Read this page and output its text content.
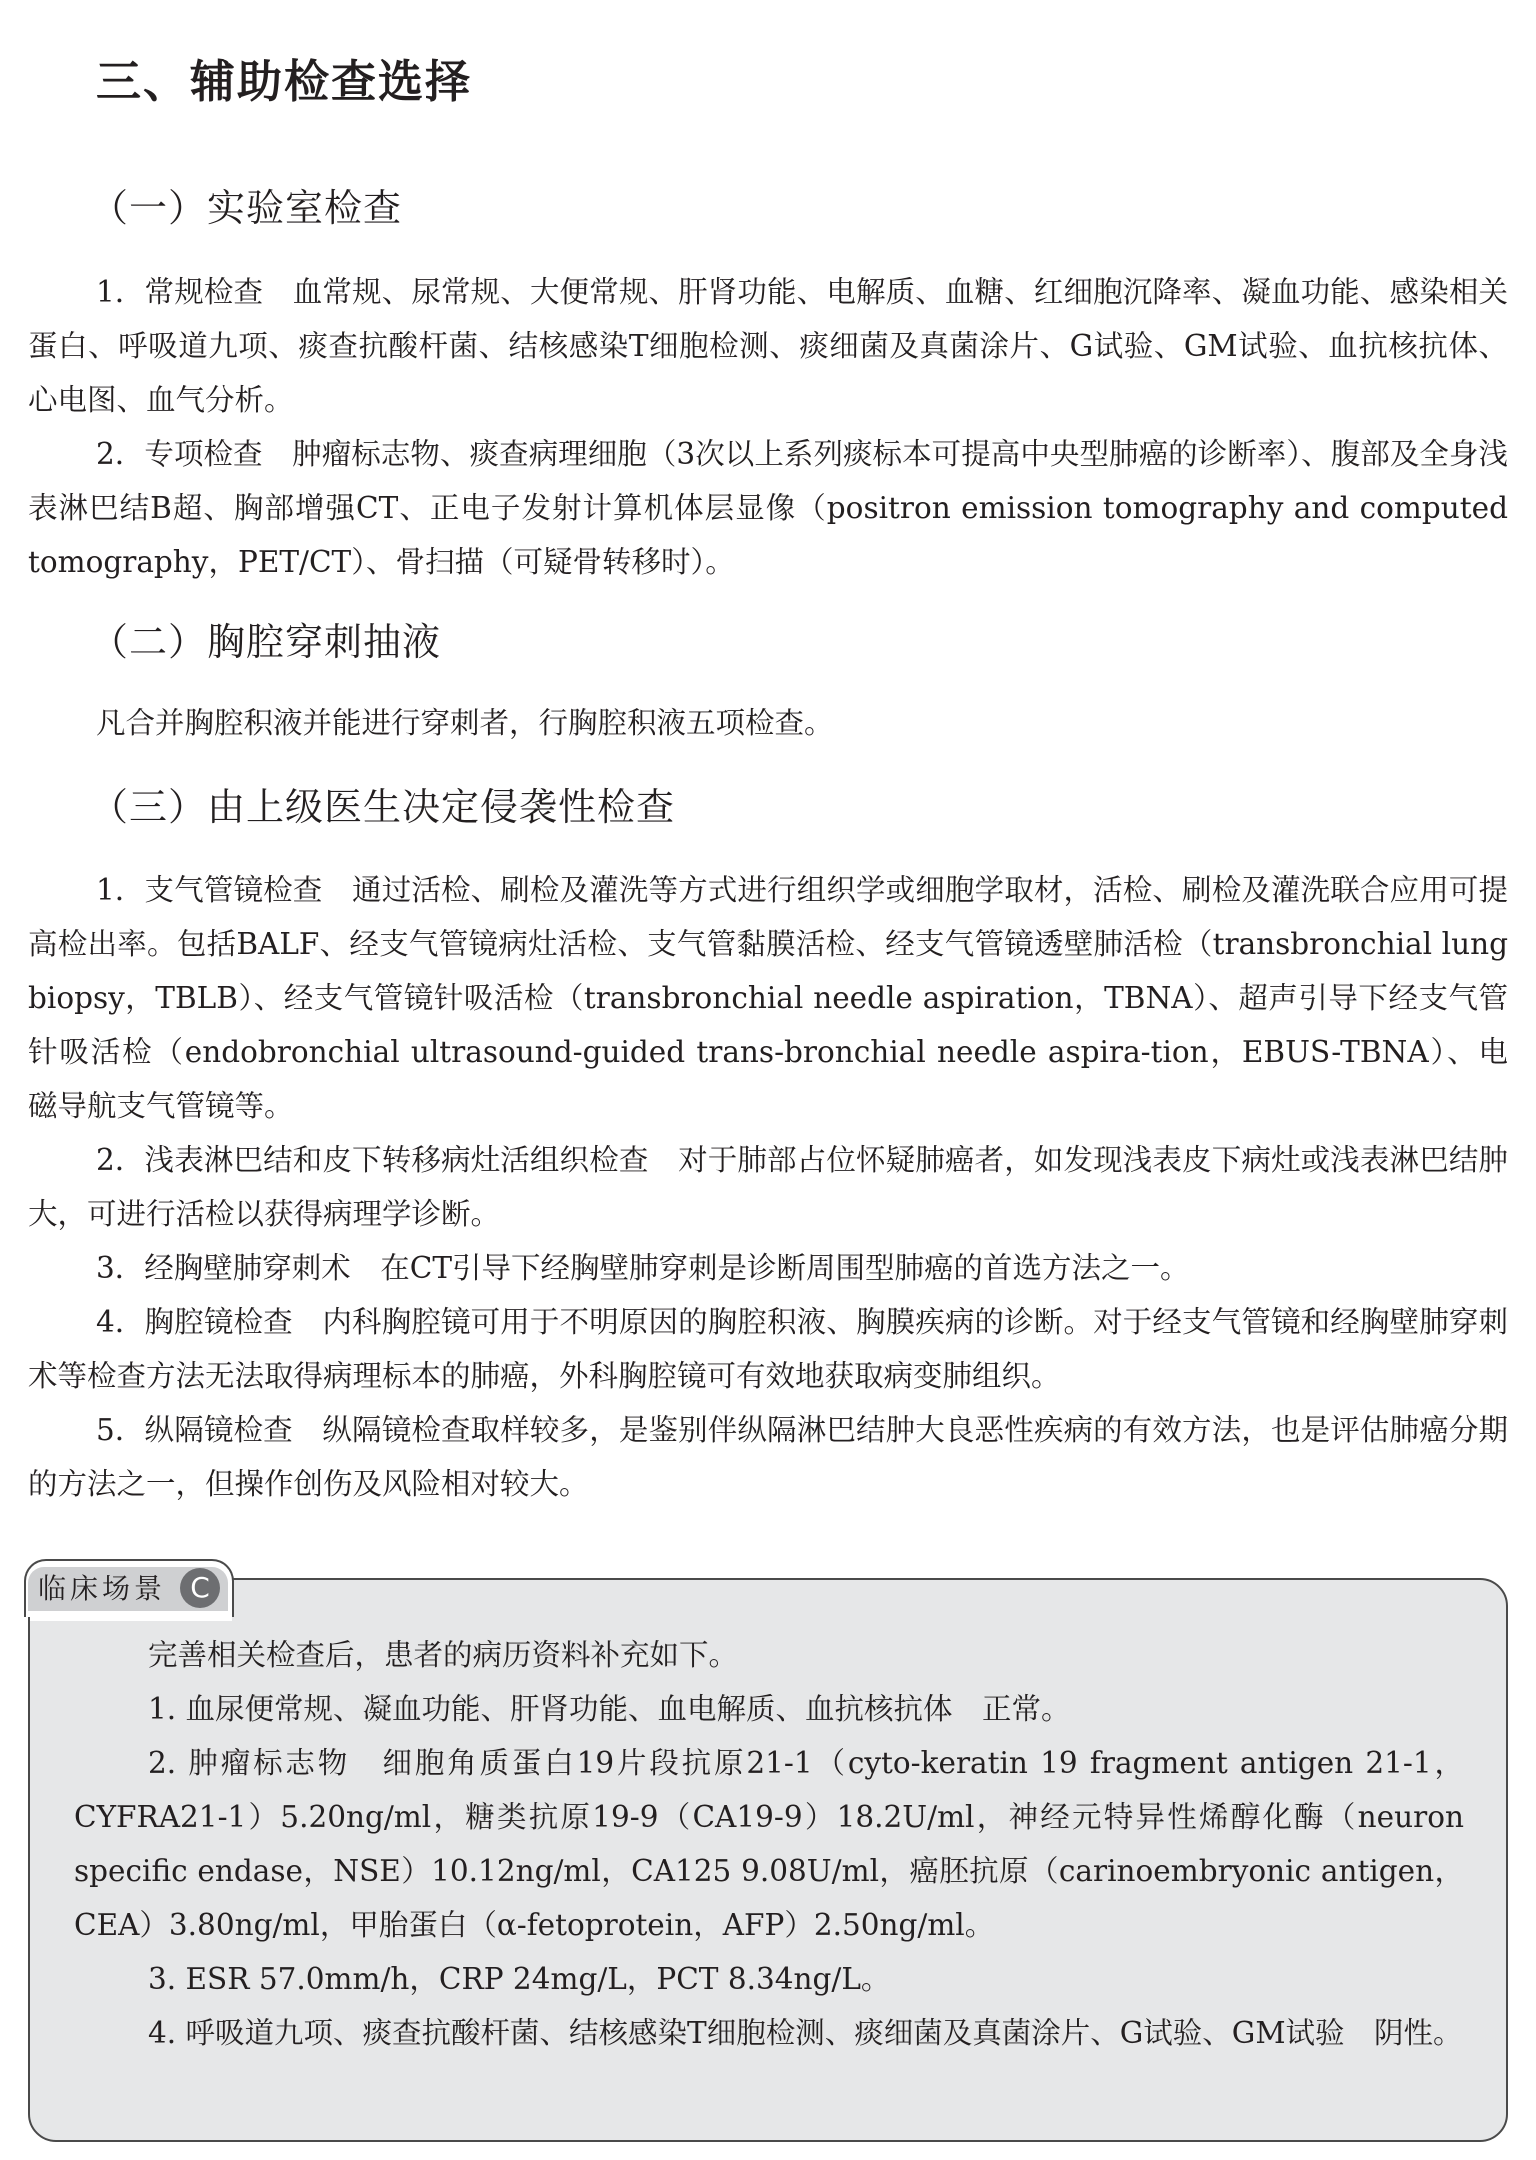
三、辅助检查选择
（一）实验室检查

1．常规检查　血常规、尿常规、大便常规、肝肾功能、电解质、血糖、红细胞沉降率、凝血功能、感染相关蛋白、呼吸道九项、痰查抗酸杆菌、结核感染T细胞检测、痰细菌及真菌涂片、G试验、GM试验、血抗核抗体、心电图、血气分析。

2．专项检查　肿瘤标志物、痰查病理细胞（3次以上系列痰标本可提高中央型肺癌的诊断率）、腹部及全身浅表淋巴结B超、胸部增强CT、正电子发射计算机体层显像（positron emission tomography and computed tomography，PET/CT）、骨扫描（可疑骨转移时）。

（二）胸腔穿刺抽液

凡合并胸腔积液并能进行穿刺者，行胸腔积液五项检查。

（三）由上级医生决定侵袭性检查

1．支气管镜检查　通过活检、刷检及灌洗等方式进行组织学或细胞学取材，活检、刷检及灌洗联合应用可提高检出率。包括BALF、经支气管镜病灶活检、支气管黏膜活检、经支气管镜透壁肺活检（transbronchial lung biopsy，TBLB）、经支气管镜针吸活检（transbronchial needle aspiration，TBNA）、超声引导下经支气管针吸活检（endobronchial ultrasound-guided trans-bronchial needle aspira-tion，EBUS-TBNA）、电磁导航支气管镜等。

2．浅表淋巴结和皮下转移病灶活组织检查　对于肺部占位怀疑肺癌者，如发现浅表皮下病灶或浅表淋巴结肿大，可进行活检以获得病理学诊断。

3．经胸壁肺穿刺术　在CT引导下经胸壁肺穿刺是诊断周围型肺癌的首选方法之一。

4．胸腔镜检查　内科胸腔镜可用于不明原因的胸腔积液、胸膜疾病的诊断。对于经支气管镜和经胸壁肺穿刺术等检查方法无法取得病理标本的肺癌，外科胸腔镜可有效地获取病变肺组织。

5．纵隔镜检查　纵隔镜检查取样较多，是鉴别伴纵隔淋巴结肿大良恶性疾病的有效方法，也是评估肺癌分期的方法之一，但操作创伤及风险相对较大。

临床场景 C

完善相关检查后，患者的病历资料补充如下。

1. 血尿便常规、凝血功能、肝肾功能、血电解质、血抗核抗体　正常。

2. 肿瘤标志物　细胞角质蛋白19片段抗原21-1（cyto-keratin 19 fragment antigen 21-1，CYFRA21-1）5.20ng/ml，糖类抗原19-9（CA19-9）18.2U/ml，神经元特异性烯醇化酶（neuron specific endase，NSE）10.12ng/ml，CA125 9.08U/ml，癌胚抗原（carinoembryonic antigen，CEA）3.80ng/ml，甲胎蛋白（α-fetoprotein，AFP）2.50ng/ml。

3. ESR 57.0mm/h，CRP 24mg/L，PCT 8.34ng/L。

4. 呼吸道九项、痰查抗酸杆菌、结核感染T细胞检测、痰细菌及真菌涂片、G试验、GM试验　阴性。
